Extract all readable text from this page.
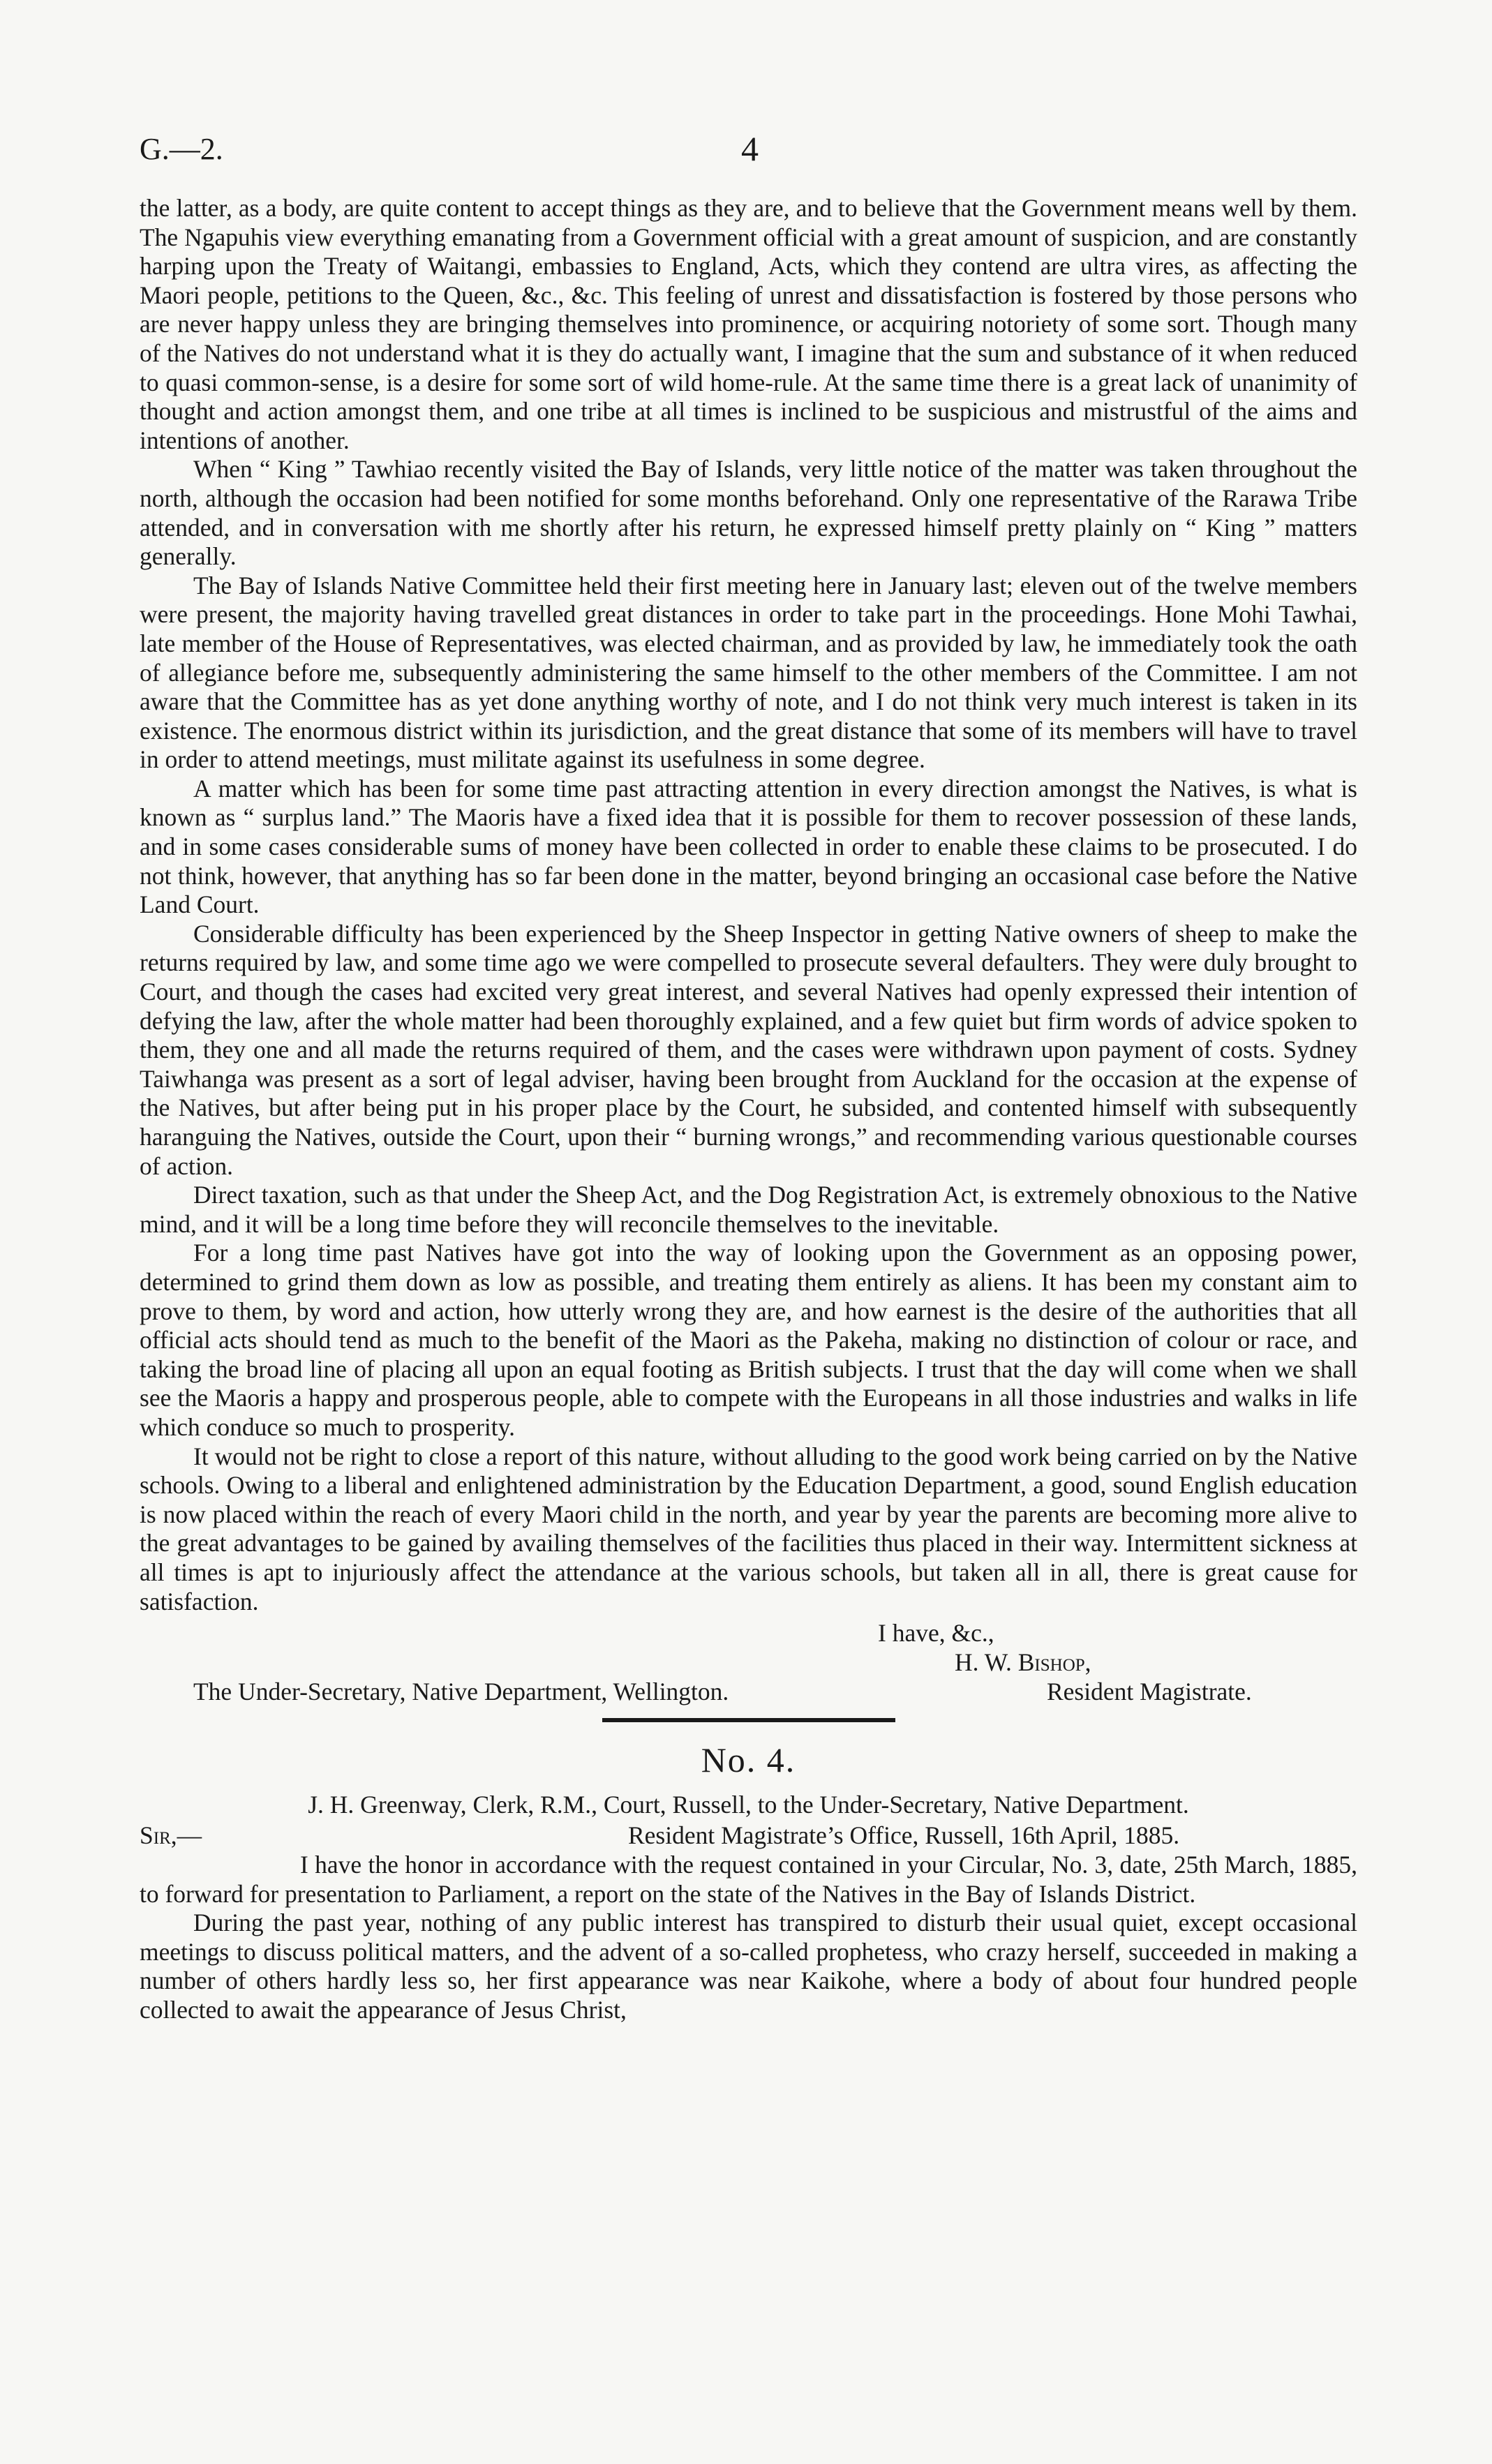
G.—2.	4

the latter, as a body, are quite content to accept things as they are, and to believe that the Government means well by them. The Ngapuhis view everything emanating from a Government official with a great amount of suspicion, and are constantly harping upon the Treaty of Waitangi, embassies to England, Acts, which they contend are ultra vires, as affecting the Maori people, petitions to the Queen, &c., &c. This feeling of unrest and dissatisfaction is fostered by those persons who are never happy unless they are bringing themselves into prominence, or acquiring notoriety of some sort. Though many of the Natives do not understand what it is they do actually want, I imagine that the sum and substance of it when reduced to quasi common-sense, is a desire for some sort of wild home-rule. At the same time there is a great lack of unanimity of thought and action amongst them, and one tribe at all times is inclined to be suspicious and mistrustful of the aims and intentions of another.

When “ King ” Tawhiao recently visited the Bay of Islands, very little notice of the matter was taken throughout the north, although the occasion had been notified for some months beforehand. Only one representative of the Rarawa Tribe attended, and in conversation with me shortly after his return, he expressed himself pretty plainly on “ King ” matters generally.

The Bay of Islands Native Committee held their first meeting here in January last; eleven out of the twelve members were present, the majority having travelled great distances in order to take part in the proceedings. Hone Mohi Tawhai, late member of the House of Representatives, was elected chairman, and as provided by law, he immediately took the oath of allegiance before me, subsequently administering the same himself to the other members of the Committee. I am not aware that the Committee has as yet done anything worthy of note, and I do not think very much interest is taken in its existence. The enormous district within its jurisdiction, and the great distance that some of its members will have to travel in order to attend meetings, must militate against its usefulness in some degree.

A matter which has been for some time past attracting attention in every direction amongst the Natives, is what is known as “ surplus land.” The Maoris have a fixed idea that it is possible for them to recover possession of these lands, and in some cases considerable sums of money have been collected in order to enable these claims to be prosecuted. I do not think, however, that anything has so far been done in the matter, beyond bringing an occasional case before the Native Land Court.

Considerable difficulty has been experienced by the Sheep Inspector in getting Native owners of sheep to make the returns required by law, and some time ago we were compelled to prosecute several defaulters. They were duly brought to Court, and though the cases had excited very great interest, and several Natives had openly expressed their intention of defying the law, after the whole matter had been thoroughly explained, and a few quiet but firm words of advice spoken to them, they one and all made the returns required of them, and the cases were withdrawn upon payment of costs. Sydney Taiwhanga was present as a sort of legal adviser, having been brought from Auckland for the occasion at the expense of the Natives, but after being put in his proper place by the Court, he subsided, and contented himself with subsequently haranguing the Natives, outside the Court, upon their “ burning wrongs,” and recommending various questionable courses of action.

Direct taxation, such as that under the Sheep Act, and the Dog Registration Act, is extremely obnoxious to the Native mind, and it will be a long time before they will reconcile themselves to the inevitable.

For a long time past Natives have got into the way of looking upon the Government as an opposing power, determined to grind them down as low as possible, and treating them entirely as aliens. It has been my constant aim to prove to them, by word and action, how utterly wrong they are, and how earnest is the desire of the authorities that all official acts should tend as much to the benefit of the Maori as the Pakeha, making no distinction of colour or race, and taking the broad line of placing all upon an equal footing as British subjects. I trust that the day will come when we shall see the Maoris a happy and prosperous people, able to compete with the Europeans in all those industries and walks in life which conduce so much to prosperity.

It would not be right to close a report of this nature, without alluding to the good work being carried on by the Native schools. Owing to a liberal and enlightened administration by the Education Department, a good, sound English education is now placed within the reach of every Maori child in the north, and year by year the parents are becoming more alive to the great advantages to be gained by availing themselves of the facilities thus placed in their way. Intermittent sickness at all times is apt to injuriously affect the attendance at the various schools, but taken all in all, there is great cause for satisfaction.

I have, &c.,
H. W. Bishop,
The Under-Secretary, Native Department, Wellington.	Resident Magistrate.
No. 4.
J. H. Greenway, Clerk, R.M., Court, Russell, to the Under-Secretary, Native Department.
Sir,—	Resident Magistrate’s Office, Russell, 16th April, 1885.

I have the honor in accordance with the request contained in your Circular, No. 3, date, 25th March, 1885, to forward for presentation to Parliament, a report on the state of the Natives in the Bay of Islands District.

During the past year, nothing of any public interest has transpired to disturb their usual quiet, except occasional meetings to discuss political matters, and the advent of a so-called prophetess, who crazy herself, succeeded in making a number of others hardly less so, her first appearance was near Kaikohe, where a body of about four hundred people collected to await the appearance of Jesus Christ,
